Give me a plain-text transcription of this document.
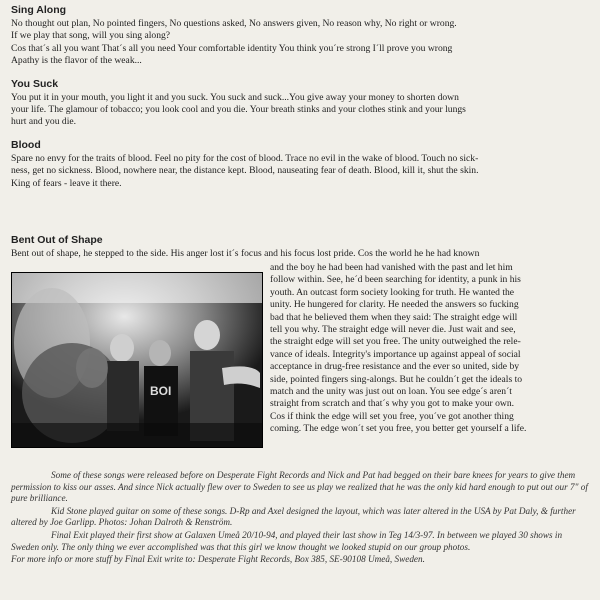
Sing Along

No thought out plan, No pointed fingers, No questions asked, No answers given, No reason why, No right or wrong.

If we play that song, will you sing along?

Cos that´s all you want That´s all you need Your comfortable identity You think you´re strong I´ll prove you wrong

Apathy is the flavor of the weak...

You Suck

You put it in your mouth, you light it and you suck. You suck and suck...You give away your money to shorten down

your life. The glamour of tobacco; you look cool and you die. Your breath stinks and your clothes stink and your lungs

hurt and you die.

Blood

Spare no envy for the traits of blood. Feel no pity for the cost of blood. Trace no evil in the wake of blood. Touch no sick-

ness, get no sickness. Blood, nowhere near, the distance kept. Blood, nauseating fear of death. Blood, kill it, shut the skin.

King of fears - leave it there.

Bent Out of Shape

Bent out of shape, he stepped to the side. His anger lost it´s focus and his focus lost pride. Cos the world he he had known

BOI

and the boy he had been had vanished with the past and let him

follow within. See, he´d been searching for identity, a punk in his

youth. An outcast form society looking for truth. He wanted the

unity. He hungered for clarity. He needed the answers so fucking

bad that he believed them when they said: The straight edge will

tell you why. The straight edge will never die. Just wait and see,

the straight edge will set you free. The unity outweighed the rele-

vance of ideals. Integrity's importance up against appeal of social

acceptance in drug-free resistance and the ever so united, side by

side, pointed fingers sing-alongs. But he couldn´t get the ideals to

match and the unity was just out on loan. You see edge´s aren´t

straight from scratch and that´s why you got to make your own.

Cos if think the edge will set you free, you´ve got another thing

coming. The edge won´t set you free, you better get yourself a life.

Some of these songs were released before on Desperate Fight Records and Nick and Pat had begged on their bare knees for years to give them permission to kiss our asses. And since Nick actually flew over to Sweden to see us play we realized that he was the only kid hard enough to put out our 7" of pure brilliance.

Kid Stone played guitar on some of these songs. D-Rp and Axel designed the layout, which was later altered in the USA by Pat Daly, & further altered by Joe Garlipp. Photos: Johan Dalroth & Renström.

Final Exit played their first show at Galaxen Umeå 20/10-94, and played their last show in Teg 14/3-97. In between we played 30 shows in Sweden only. The only thing we ever accomplished was that this girl we know thought we looked stupid on our group photos.

For more info or more stuff by Final Exit write to: Desperate Fight Records, Box 385, SE-90108 Umeå, Sweden.
